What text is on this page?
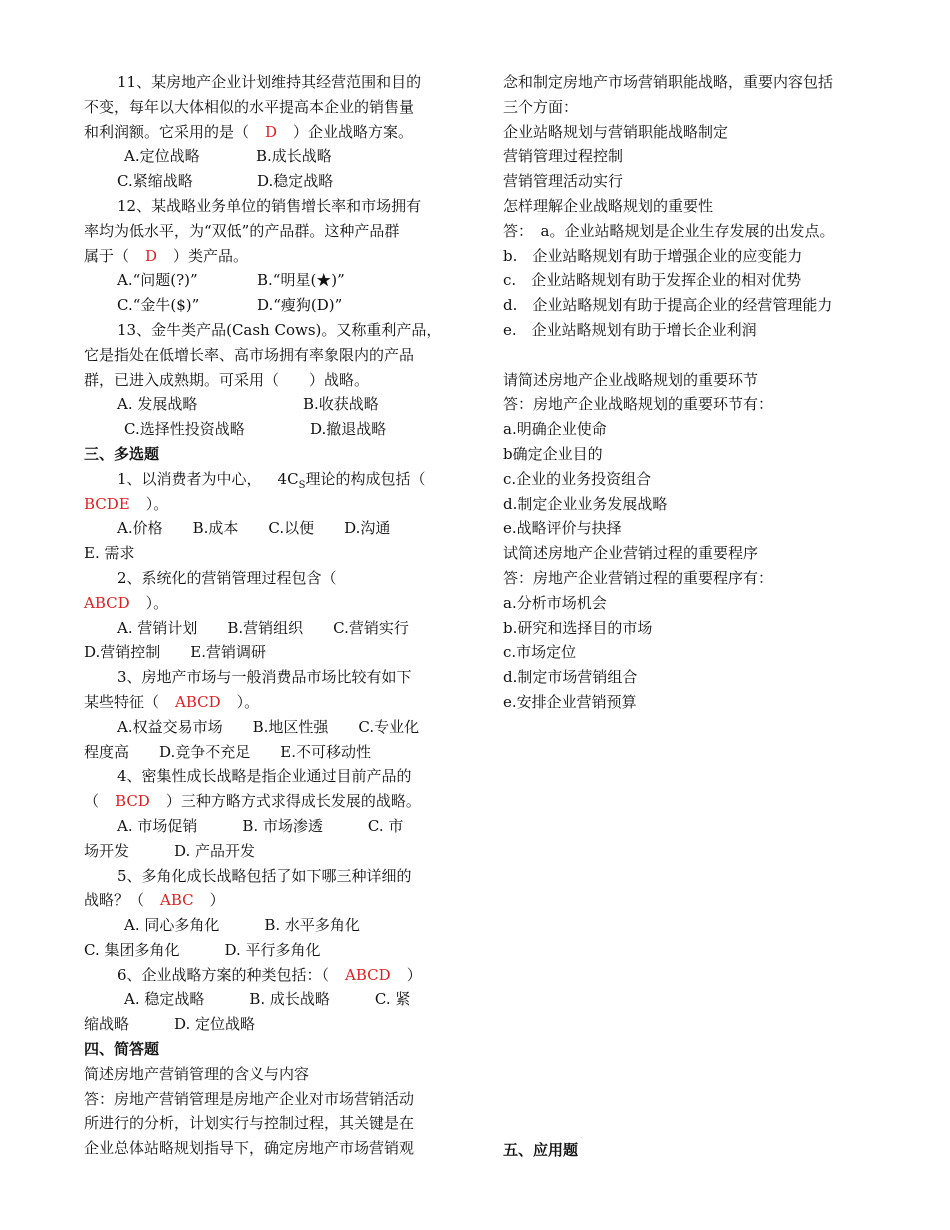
11、某房地产企业计划维持其经营范围和目的
不变，每年以大体相似的水平提高本企业的销售量
和利润额。它采用的是（ D ）企业战略方案。
A.定位战略	B.成长战略
C.紧缩战略	D.稳定战略
12、某战略业务单位的销售增长率和市场拥有
率均为低水平，为“双低”的产品群。这种产品群
属于（ D ）类产品。
A.“问题(?)”	B.“明星(★)”
C.“金牛($)”	D.“瘦狗(D)”
13、金牛类产品(Cash Cows)。又称重利产品，
它是指处在低增长率、高市场拥有率象限内的产品
群，已进入成熟期。可采用（　　）战略。
A. 发展战略	B.收获战略
C.选择性投资战略	D.撤退战略
三、多选题
1、以消费者为中心， $4C_S$理论的构成包括（
BCDE ）。
A.价格　　B.成本　　C.以便　　D.沟通
E. 需求
2、系统化的营销管理过程包含（
ABCD ）。
A. 营销计划　　B.营销组织　　C.营销实行
D.营销控制　　E.营销调研
3、房地产市场与一般消费品市场比较有如下
某些特征（ ABCD ）。
A.权益交易市场　　B.地区性强　　C.专业化
程度高　　D.竞争不充足　　E.不可移动性
4、密集性成长战略是指企业通过目前产品的
（ BCD ）三种方略方式求得成长发展的战略。
A. 市场促销　　　B. 市场渗透　　　C. 市
场开发　　　D. 产品开发
5、多角化成长战略包括了如下哪三种详细的
战略？（ ABC ）
A. 同心多角化　　　B. 水平多角化
C. 集团多角化　　　D. 平行多角化
6、企业战略方案的种类包括：（ ABCD ）
A. 稳定战略　　　B. 成长战略　　　C. 紧
缩战略　　　D. 定位战略
四、简答题
简述房地产营销管理的含义与内容
答：房地产营销管理是房地产企业对市场营销活动
所进行的分析，计划实行与控制过程，其关键是在
企业总体站略规划指导下，确定房地产市场营销观
念和制定房地产市场营销职能战略，重要内容包括
三个方面：
企业站略规划与营销职能战略制定
营销管理过程控制
营销管理活动实行
怎样理解企业战略规划的重要性
答：　a。企业站略规划是企业生存发展的出发点。
b.　企业站略规划有助于增强企业的应变能力
c.　企业站略规划有助于发挥企业的相对优势
d.　企业站略规划有助于提高企业的经营管理能力
e.　企业站略规划有助于增长企业利润
请简述房地产企业战略规划的重要环节
答：房地产企业战略规划的重要环节有：
a.明确企业使命
b确定企业目的
c.企业的业务投资组合
d.制定企业业务发展战略
e.战略评价与抉择
试简述房地产企业营销过程的重要程序
答：房地产企业营销过程的重要程序有：
a.分析市场机会
b.研究和选择目的市场
c.市场定位
d.制定市场营销组合
e.安排企业营销预算
五、应用题
